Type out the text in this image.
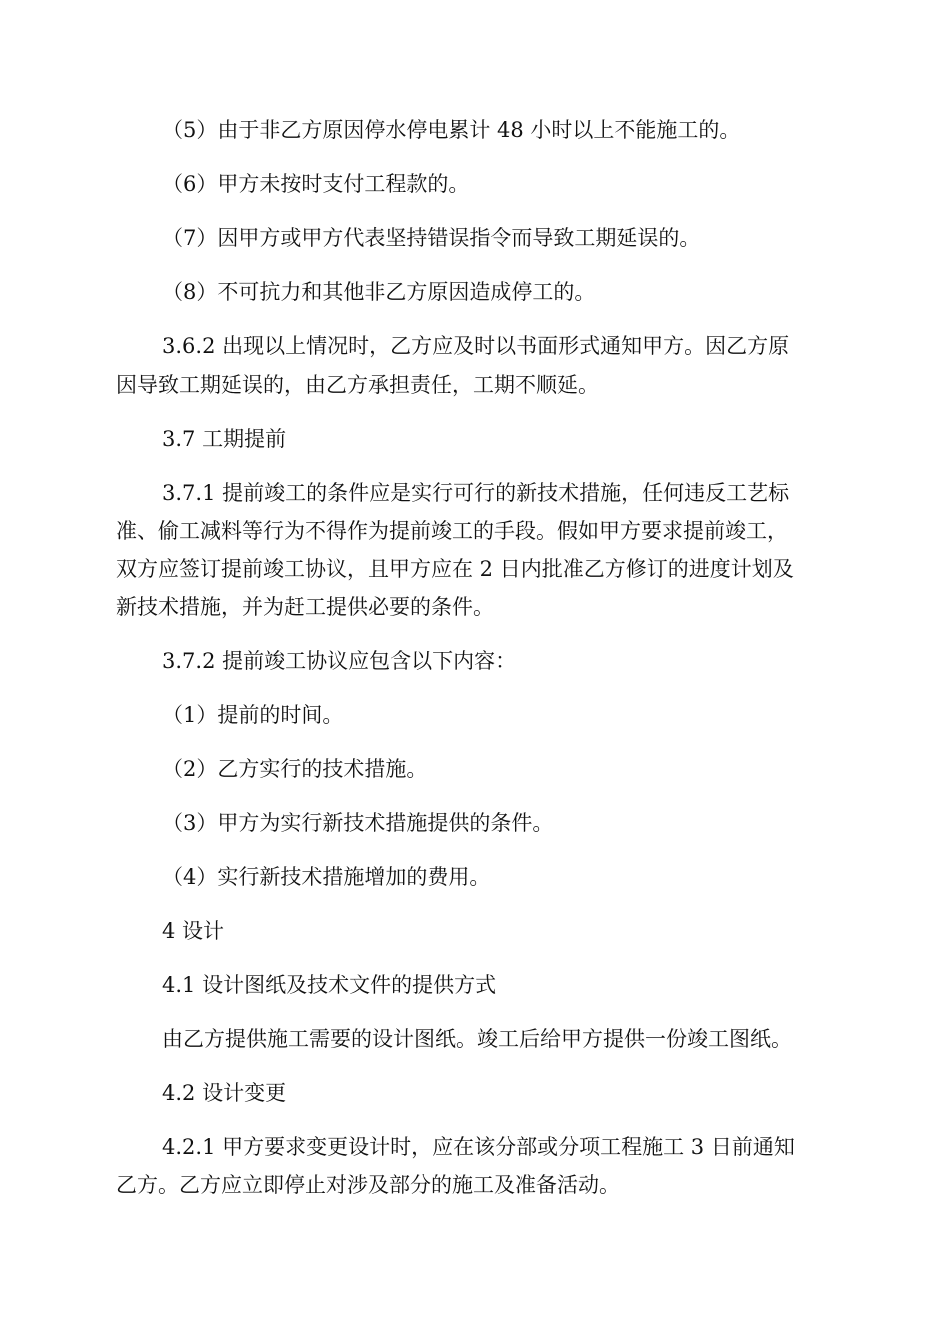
（5）由于非乙方原因停水停电累计 48 小时以上不能施工的。
（6）甲方未按时支付工程款的。
（7）因甲方或甲方代表坚持错误指令而导致工期延误的。
（8）不可抗力和其他非乙方原因造成停工的。
3.6.2 出现以上情况时，乙方应及时以书面形式通知甲方。因乙方原
因导致工期延误的，由乙方承担责任，工期不顺延。
3.7 工期提前
3.7.1 提前竣工的条件应是实行可行的新技术措施，任何违反工艺标
准、偷工减料等行为不得作为提前竣工的手段。假如甲方要求提前竣工，
双方应签订提前竣工协议，且甲方应在 2 日内批准乙方修订的进度计划及
新技术措施，并为赶工提供必要的条件。
3.7.2 提前竣工协议应包含以下内容：
（1）提前的时间。
（2）乙方实行的技术措施。
（3）甲方为实行新技术措施提供的条件。
（4）实行新技术措施增加的费用。
4 设计
4.1 设计图纸及技术文件的提供方式
由乙方提供施工需要的设计图纸。竣工后给甲方提供一份竣工图纸。
4.2 设计变更
4.2.1 甲方要求变更设计时，应在该分部或分项工程施工 3 日前通知
乙方。乙方应立即停止对涉及部分的施工及准备活动。
